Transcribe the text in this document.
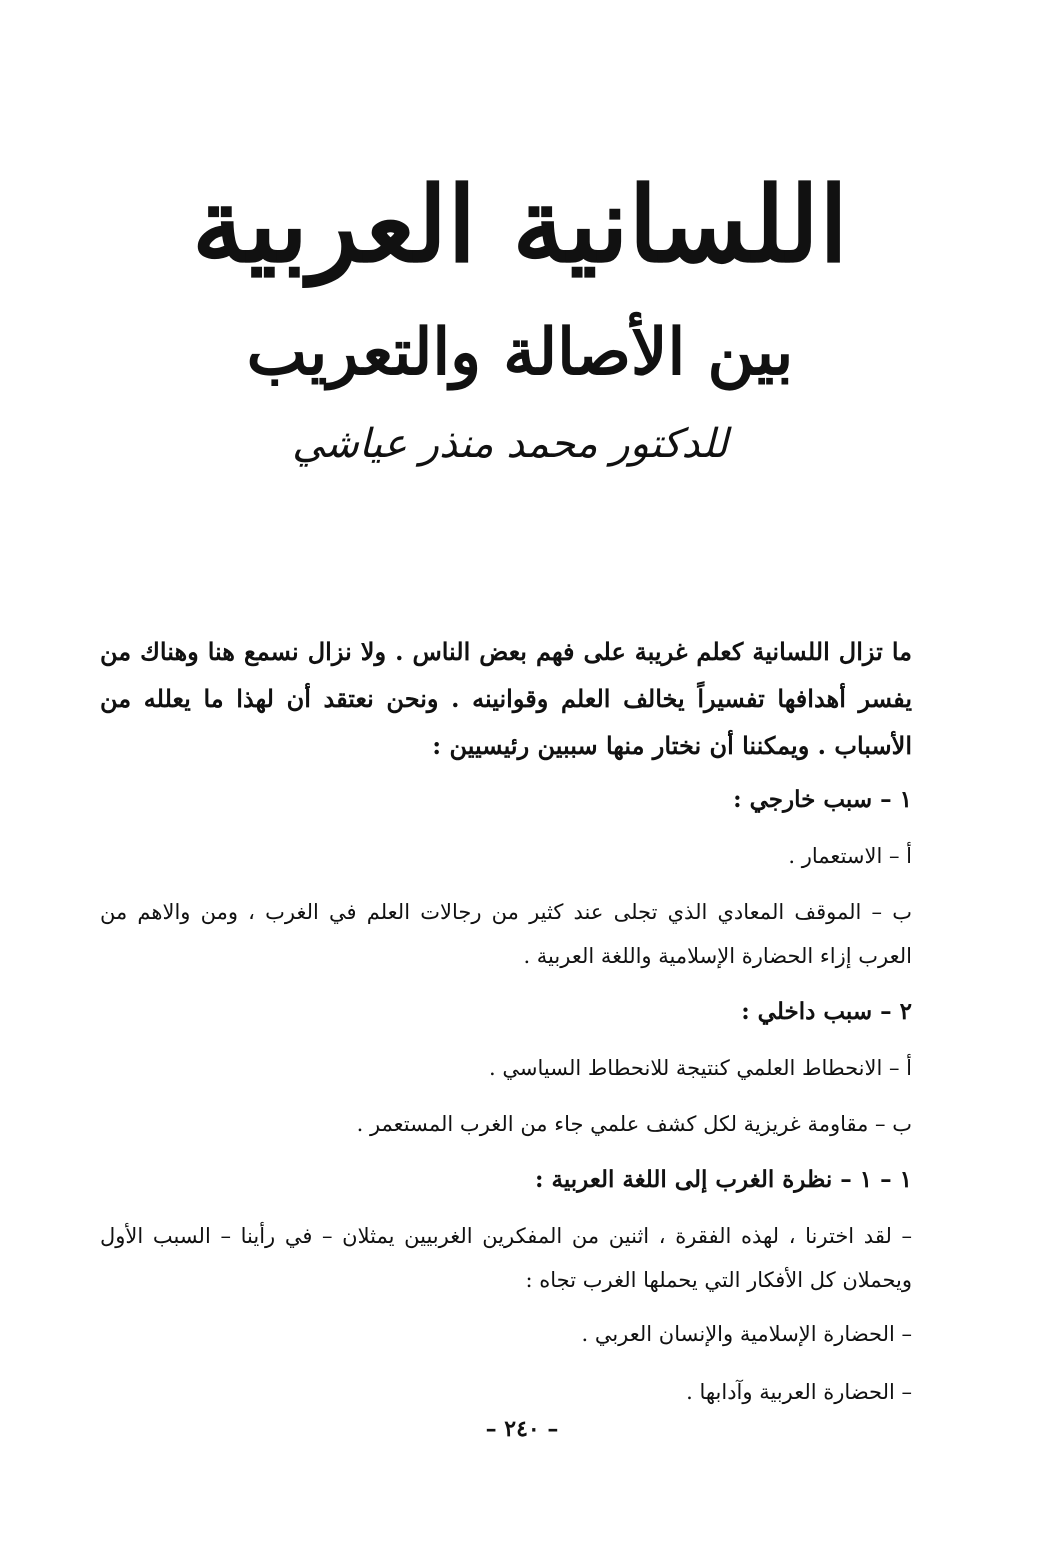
اللسانية العربية
بين الأصالة والتعريب
للدكتور محمد منذر عياشي

ما تزال اللسانية كعلم غريبة على فهم بعض الناس . ولا نزال نسمع هنا وهناك من يفسر أهدافها تفسيراً يخالف العلم وقوانينه . ونحن نعتقد أن لهذا ما يعلله من الأسباب . ويمكننا أن نختار منها سببين رئيسيين :

١ – سبب خارجي :

أ – الاستعمار .

ب – الموقف المعادي الذي تجلى عند كثير من رجالات العلم في الغرب ، ومن والاهم من العرب إزاء الحضارة الإسلامية واللغة العربية .

٢ – سبب داخلي :

أ – الانحطاط العلمي كنتيجة للانحطاط السياسي .

ب – مقاومة غريزية لكل كشف علمي جاء من الغرب المستعمر .

١ – ١ – نظرة الغرب إلى اللغة العربية :

– لقد اخترنا ، لهذه الفقرة ، اثنين من المفكرين الغربيين يمثلان – في رأينا – السبب الأول ويحملان كل الأفكار التي يحملها الغرب تجاه :

– الحضارة الإسلامية والإنسان العربي .

– الحضارة العربية وآدابها .

– ٢٤٠ –
